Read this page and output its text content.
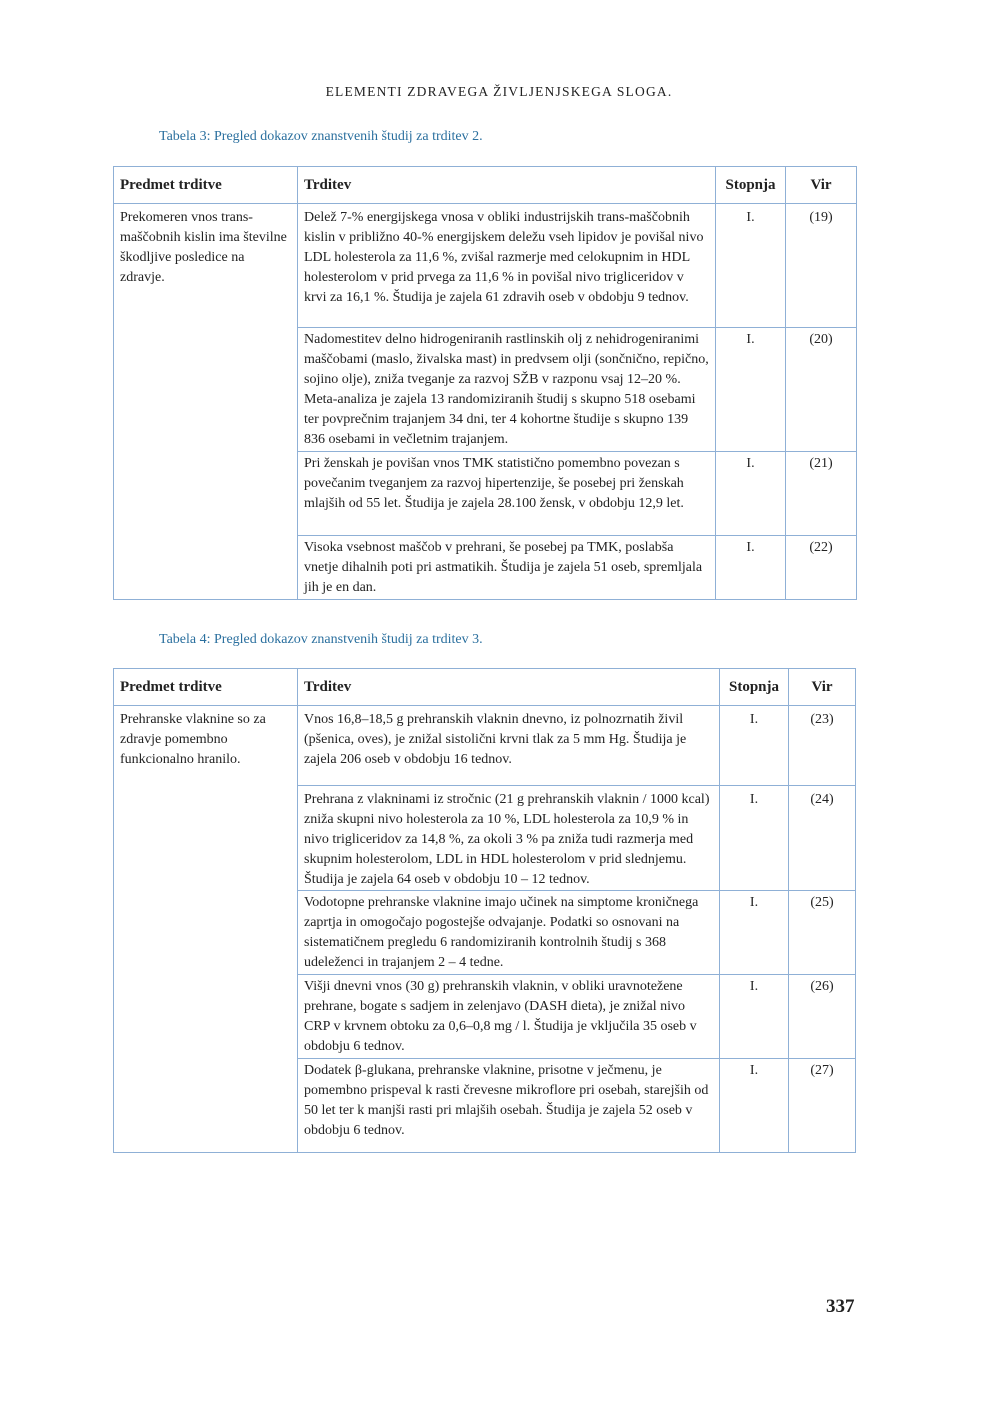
ELEMENTI ZDRAVEGA ŽIVLJENJSKEGA SLOGA.
Tabela 3: Pregled dokazov znanstvenih študij za trditev 2.
Predmet trditve	Trditev	Stopnja	Vir
Prekomeren vnos trans-maščobnih kislin ima številne škodljive posledice na zdravje.	Delež 7-% energijskega vnosa v obliki industrijskih trans-maščobnih kislin v približno 40-% energijskem deležu vseh lipidov je povišal nivo LDL holesterola za 11,6 %, zvišal razmerje med celokupnim in HDL holesterolom v prid prvega za 11,6 % in povišal nivo trigliceridov v krvi za 16,1 %. Študija je zajela 61 zdravih oseb v obdobju 9 tednov.	I.	(19)
	Nadomestitev delno hidrogeniranih rastlinskih olj z nehidrogeniranimi maščobami (maslo, živalska mast) in predvsem olji (sončnično, repično, sojino olje), zniža tveganje za razvoj SŽB v razponu vsaj 12–20 %. Meta-analiza je zajela 13 randomiziranih študij s skupno 518 osebami ter povprečnim trajanjem 34 dni, ter 4 kohortne študije s skupno 139 836 osebami in večletnim trajanjem.	I.	(20)
	Pri ženskah je povišan vnos TMK statistično pomembno povezan s povečanim tveganjem za razvoj hipertenzije, še posebej pri ženskah mlajših od 55 let. Študija je zajela 28.100 žensk, v obdobju 12,9 let.	I.	(21)
	Visoka vsebnost maščob v prehrani, še posebej pa TMK, poslabša vnetje dihalnih poti pri astmatikih. Študija je zajela 51 oseb, spremljala jih je en dan.	I.	(22)
Tabela 4: Pregled dokazov znanstvenih študij za trditev 3.
Predmet trditve	Trditev	Stopnja	Vir
Prehranske vlaknine so za zdravje pomembno funkcionalno hranilo.	Vnos 16,8–18,5 g prehranskih vlaknin dnevno, iz polnozrnatih živil (pšenica, oves), je znižal sistolični krvni tlak za 5 mm Hg. Študija je zajela 206 oseb v obdobju 16 tednov.	I.	(23)
	Prehrana z vlakninami iz stročnic (21 g prehranskih vlaknin / 1000 kcal) zniža skupni nivo holesterola za 10 %, LDL holesterola za 10,9 % in nivo trigliceridov za 14,8 %, za okoli 3 % pa zniža tudi razmerja med skupnim holesterolom, LDL in HDL holesterolom v prid slednjemu. Študija je zajela 64 oseb v obdobju 10 – 12 tednov.	I.	(24)
	Vodotopne prehranske vlaknine imajo učinek na simptome kroničnega zaprtja in omogočajo pogostejše odvajanje. Podatki so osnovani na sistematičnem pregledu 6 randomiziranih kontrolnih študij s 368 udeleženci in trajanjem 2 – 4 tedne.	I.	(25)
	Višji dnevni vnos (30 g) prehranskih vlaknin, v obliki uravnotežene prehrane, bogate s sadjem in zelenjavo (DASH dieta), je znižal nivo CRP v krvnem obtoku za 0,6–0,8 mg / l. Študija je vključila 35 oseb v obdobju 6 tednov.	I.	(26)
	Dodatek β-glukana, prehranske vlaknine, prisotne v ječmenu, je pomembno prispeval k rasti črevesne mikroflore pri osebah, starejših od 50 let ter k manjši rasti pri mlajših osebah. Študija je zajela 52 oseb v obdobju 6 tednov.	I.	(27)
337
